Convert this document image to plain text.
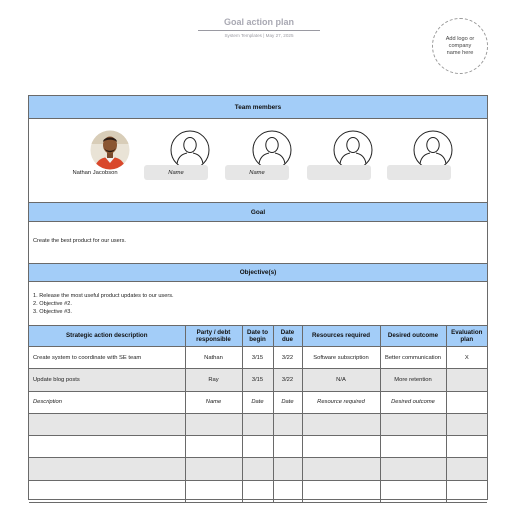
Goal action plan
System Templates | May 27, 2025	Add logo or company name here
Team members
Nathan Jacobson	Name	Name
Goal
Create the best product for our users.
Objective(s)
1. Release the most useful product updates to our users.
2. Objective #2.
3. Objective #3.
Strategic action description	Party / debt responsible	Date to begin	Date due	Resources required	Desired outcome	Evaluation plan
Create system to coordinate with SE team	Nathan	3/15	3/22	Software subscription	Better communication	X
Update blog posts	Ray	3/15	3/22	N/A	More retention	
Description	Name	Date	Date	Resource required	Desired outcome	
